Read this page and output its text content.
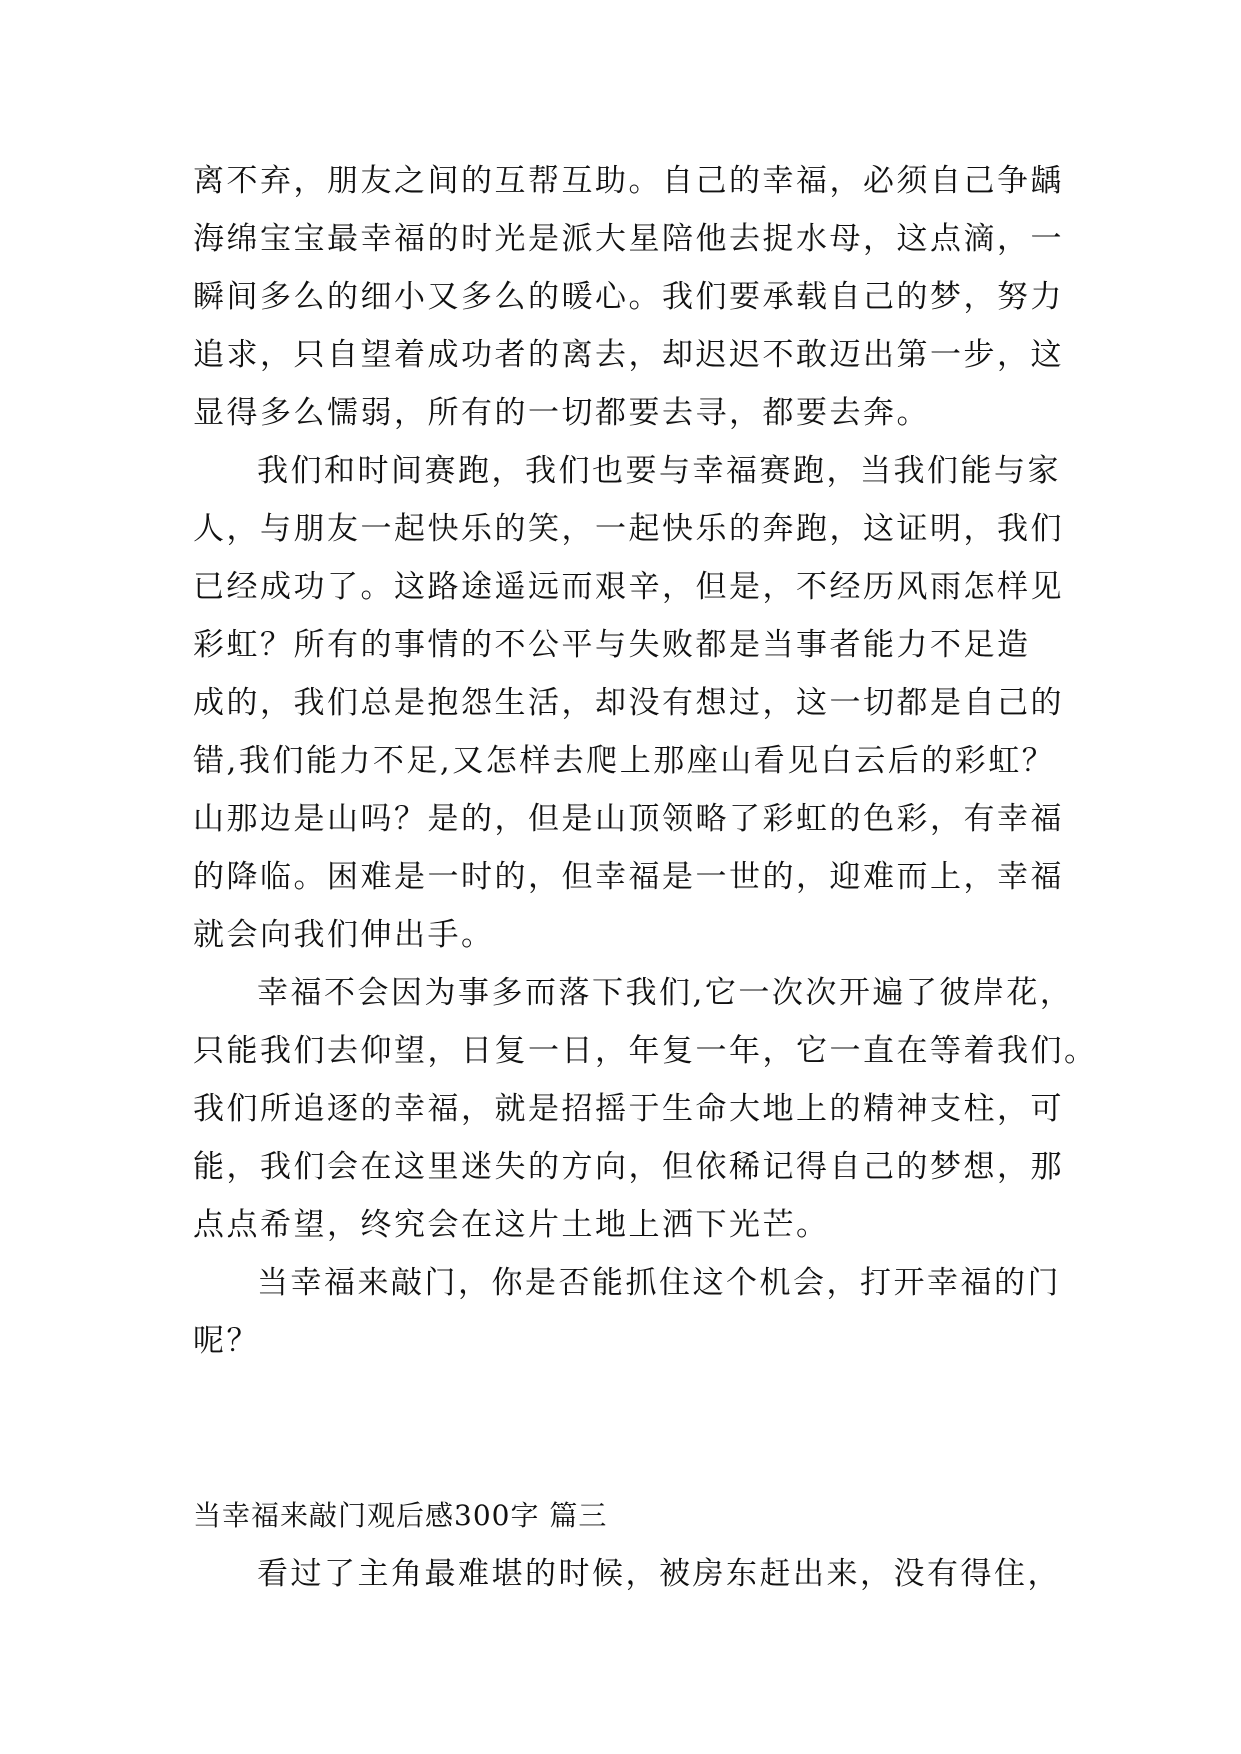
离不弃，朋友之间的互帮互助。自己的幸福，必须自己争龋
海绵宝宝最幸福的时光是派大星陪他去捉水母，这点滴，一
瞬间多么的细小又多么的暖心。我们要承载自己的梦，努力
追求，只自望着成功者的离去，却迟迟不敢迈出第一步，这
显得多么懦弱，所有的一切都要去寻，都要去奔。
我们和时间赛跑，我们也要与幸福赛跑，当我们能与家
人，与朋友一起快乐的笑，一起快乐的奔跑，这证明，我们
已经成功了。这路途遥远而艰辛，但是，不经历风雨怎样见
彩虹？所有的事情的不公平与失败都是当事者能力不足造
成的，我们总是抱怨生活，却没有想过，这一切都是自己的
错,我们能力不足,又怎样去爬上那座山看见白云后的彩虹？
山那边是山吗？是的，但是山顶领略了彩虹的色彩，有幸福
的降临。困难是一时的，但幸福是一世的，迎难而上，幸福
就会向我们伸出手。
幸福不会因为事多而落下我们,它一次次开遍了彼岸花，
只能我们去仰望，日复一日，年复一年，它一直在等着我们。
我们所追逐的幸福，就是招摇于生命大地上的精神支柱，可
能，我们会在这里迷失的方向，但依稀记得自己的梦想，那
点点希望，终究会在这片土地上洒下光芒。
当幸福来敲门，你是否能抓住这个机会，打开幸福的门
呢？
当幸福来敲门观后感300字 篇三
看过了主角最难堪的时候，被房东赶出来，没有得住，
